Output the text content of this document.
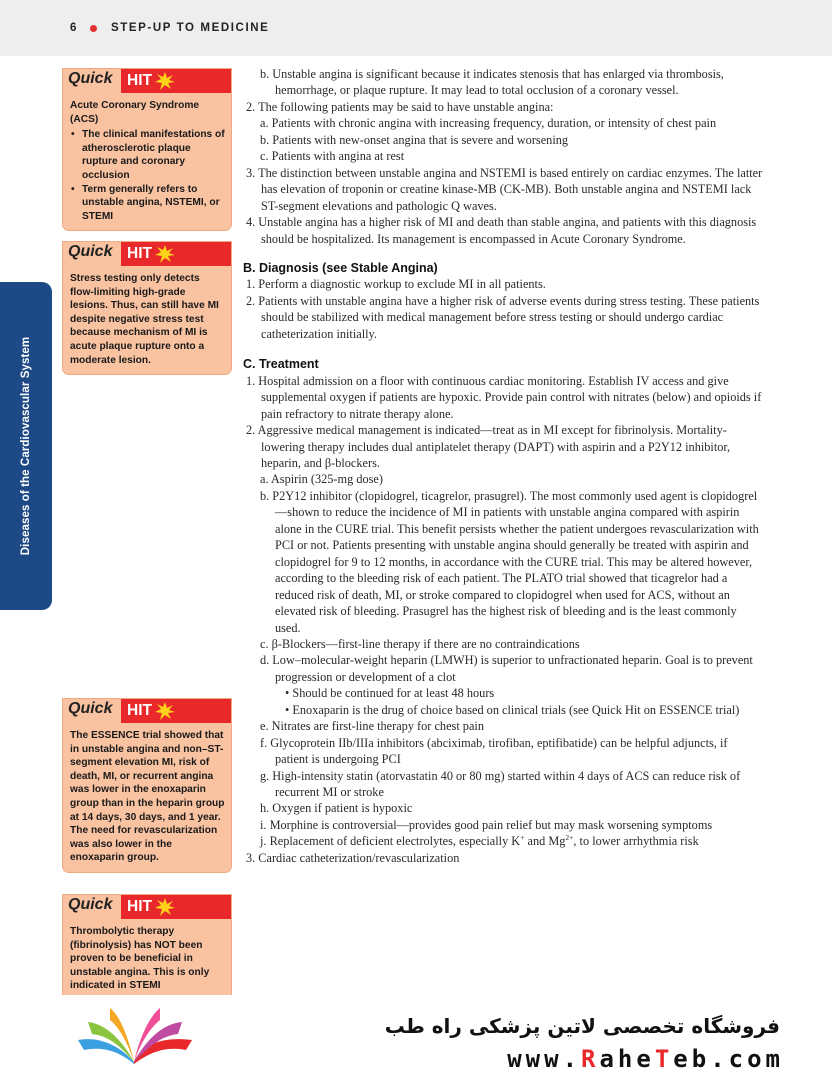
6	STEP-UP TO MEDICINE
Diseases of the Cardiovascular System
Quick HIT

Acute Coronary Syndrome (ACS)

• The clinical manifestations of atherosclerotic plaque rupture and coronary occlusion
• Term generally refers to unstable angina, NSTEMI, or STEMI
Quick HIT

Stress testing only detects flow-limiting high-grade lesions. Thus, can still have MI despite negative stress test because mechanism of MI is acute plaque rupture onto a moderate lesion.

Quick HIT

The ESSENCE trial showed that in unstable angina and non–ST-segment elevation MI, risk of death, MI, or recurrent angina was lower in the enoxaparin group than in the heparin group at 14 days, 30 days, and 1 year. The need for revascularization was also lower in the enoxaparin group.

Quick HIT

Thrombolytic therapy (fibrinolysis) has NOT been proven to be beneficial in unstable angina. This is only indicated in STEMI

b. Unstable angina is significant because it indicates stenosis that has enlarged via thrombosis, hemorrhage, or plaque rupture. It may lead to total occlusion of a coronary vessel.
2. The following patients may be said to have unstable angina:
a. Patients with chronic angina with increasing frequency, duration, or intensity of chest pain
b. Patients with new-onset angina that is severe and worsening
c. Patients with angina at rest
3. The distinction between unstable angina and NSTEMI is based entirely on cardiac enzymes. The latter has elevation of troponin or creatine kinase-MB (CK-MB). Both unstable angina and NSTEMI lack ST-segment elevations and pathologic Q waves.
4. Unstable angina has a higher risk of MI and death than stable angina, and patients with this diagnosis should be hospitalized. Its management is encompassed in Acute Coronary Syndrome.
B. Diagnosis (see Stable Angina)
1. Perform a diagnostic workup to exclude MI in all patients.
2. Patients with unstable angina have a higher risk of adverse events during stress testing. These patients should be stabilized with medical management before stress testing or should undergo cardiac catheterization initially.
C. Treatment
1. Hospital admission on a floor with continuous cardiac monitoring. Establish IV access and give supplemental oxygen if patients are hypoxic. Provide pain control with nitrates (below) and opioids if pain refractory to nitrate therapy alone.
2. Aggressive medical management is indicated—treat as in MI except for fibrinolysis. Mortality-lowering therapy includes dual antiplatelet therapy (DAPT) with aspirin and a P2Y12 inhibitor, heparin, and β-blockers.
a. Aspirin (325-mg dose)
b. P2Y12 inhibitor (clopidogrel, ticagrelor, prasugrel). The most commonly used agent is clopidogrel—shown to reduce the incidence of MI in patients with unstable angina compared with aspirin alone in the CURE trial. This benefit persists whether the patient undergoes revascularization with PCI or not. Patients presenting with unstable angina should generally be treated with aspirin and clopidogrel for 9 to 12 months, in accordance with the CURE trial. This may be altered however, according to the bleeding risk of each patient. The PLATO trial showed that ticagrelor had a reduced risk of death, MI, or stroke compared to clopidogrel when used for ACS, without an elevated risk of bleeding. Prasugrel has the highest risk of bleeding and is the least commonly used.
c. β-Blockers—first-line therapy if there are no contraindications
d. Low–molecular-weight heparin (LMWH) is superior to unfractionated heparin. Goal is to prevent progression or development of a clot
• Should be continued for at least 48 hours
• Enoxaparin is the drug of choice based on clinical trials (see Quick Hit on ESSENCE trial)
e. Nitrates are first-line therapy for chest pain
f. Glycoprotein IIb/IIIa inhibitors (abciximab, tirofiban, eptifibatide) can be helpful adjuncts, if patient is undergoing PCI
g. High-intensity statin (atorvastatin 40 or 80 mg) started within 4 days of ACS can reduce risk of recurrent MI or stroke
h. Oxygen if patient is hypoxic
i. Morphine is controversial—provides good pain relief but may mask worsening symptoms
j. Replacement of deficient electrolytes, especially K+ and $Mg^{2+}$, to lower arrhythmia risk
3. Cardiac catheterization/revascularization
فروشگاه تخصصی لاتین پزشکی راه طب
www.RaheTeb.com
